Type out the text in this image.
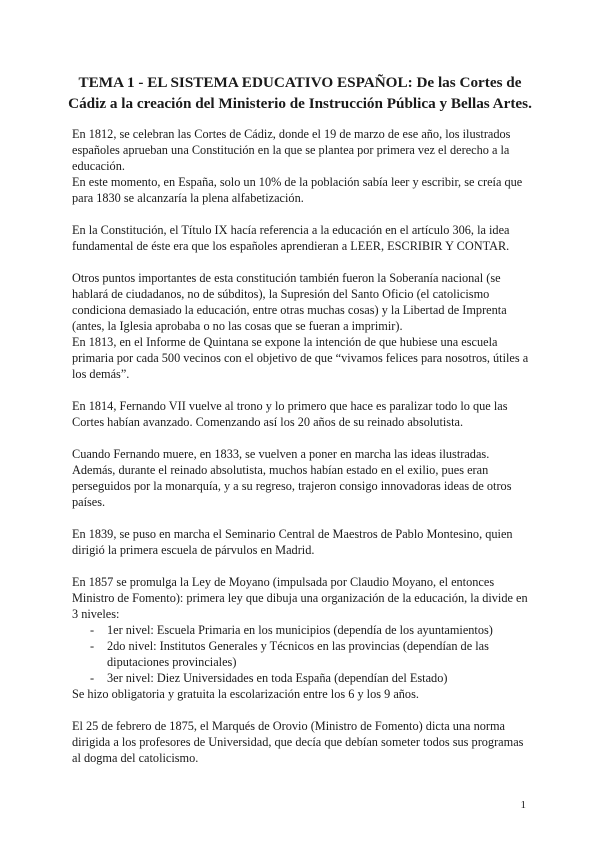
TEMA 1 - EL SISTEMA EDUCATIVO ESPAÑOL: De las Cortes de Cádiz a la creación del Ministerio de Instrucción Pública y Bellas Artes.

En 1812, se celebran las Cortes de Cádiz, donde el 19 de marzo de ese año, los ilustrados españoles aprueban una Constitución en la que se plantea por primera vez el derecho a la educación.

En este momento, en España, solo un 10% de la población sabía leer y escribir, se creía que para 1830 se alcanzaría la plena alfabetización.

En la Constitución, el Título IX hacía referencia a la educación en el artículo 306, la idea fundamental de éste era que los españoles aprendieran a LEER, ESCRIBIR Y CONTAR.

Otros puntos importantes de esta constitución también fueron la Soberanía nacional (se hablará de ciudadanos, no de súbditos), la Supresión del Santo Oficio (el catolicismo condiciona demasiado la educación, entre otras muchas cosas) y la Libertad de Imprenta (antes, la Iglesia aprobaba o no las cosas que se fueran a imprimir).

En 1813, en el Informe de Quintana se expone la intención de que hubiese una escuela primaria por cada 500 vecinos con el objetivo de que “vivamos felices para nosotros, útiles a los demás”.

En 1814, Fernando VII vuelve al trono y lo primero que hace es paralizar todo lo que las Cortes habían avanzado. Comenzando así los 20 años de su reinado absolutista.

Cuando Fernando muere, en 1833, se vuelven a poner en marcha las ideas ilustradas. Además, durante el reinado absolutista, muchos habían estado en el exilio, pues eran perseguidos por la monarquía, y a su regreso, trajeron consigo innovadoras ideas de otros países.

En 1839, se puso en marcha el Seminario Central de Maestros de Pablo Montesino, quien dirigió la primera escuela de párvulos en Madrid.

En 1857 se promulga la Ley de Moyano (impulsada por Claudio Moyano, el entonces Ministro de Fomento): primera ley que dibuja una organización de la educación, la divide en 3 niveles:

- 1er nivel: Escuela Primaria en los municipios (dependía de los ayuntamientos)
- 2do nivel: Institutos Generales y Técnicos en las provincias (dependían de las diputaciones provinciales)
- 3er nivel: Diez Universidades en toda España (dependían del Estado)

Se hizo obligatoria y gratuita la escolarización entre los 6 y los 9 años.

El 25 de febrero de 1875, el Marqués de Orovio (Ministro de Fomento) dicta una norma dirigida a los profesores de Universidad, que decía que debían someter todos sus programas al dogma del catolicismo.

1
